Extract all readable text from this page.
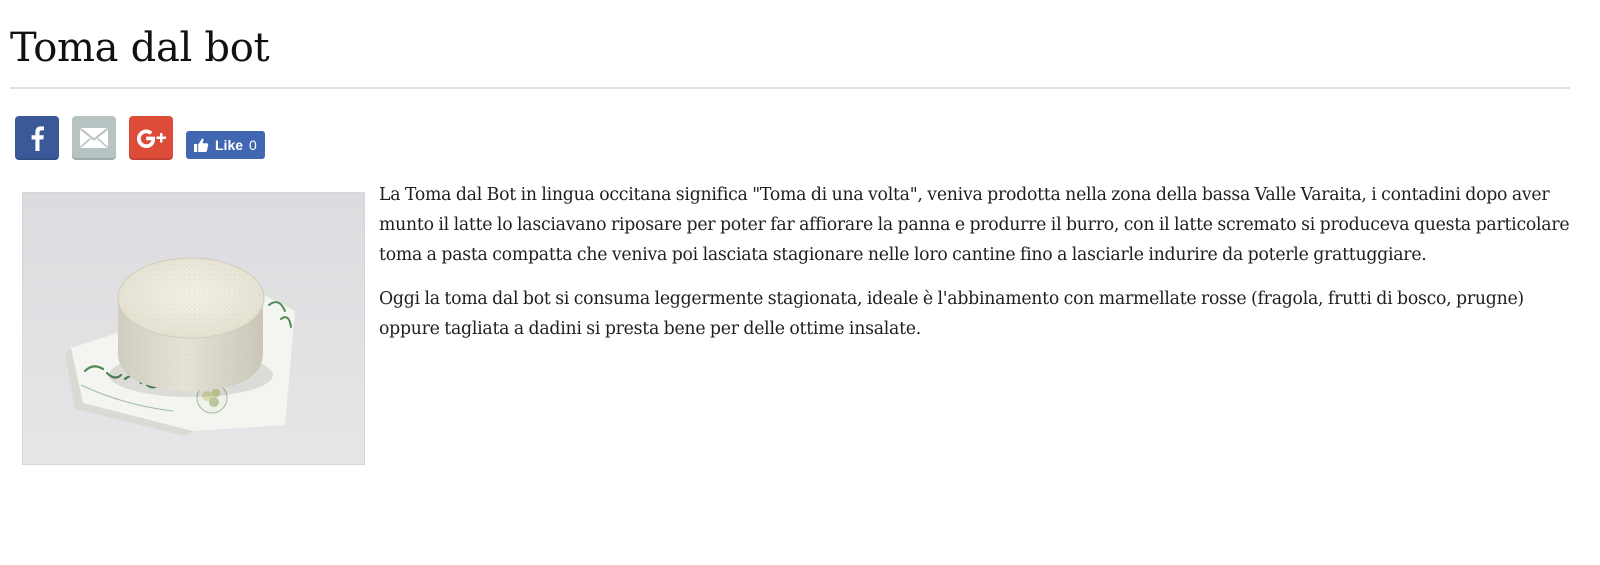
Toma dal bot
Like 0

La Toma dal Bot in lingua occitana significa "Toma di una volta", veniva prodotta nella zona della bassa Valle Varaita, i contadini dopo aver munto il latte lo lasciavano riposare per poter far affiorare la panna e produrre il burro, con il latte scremato si produceva questa particolare toma a pasta compatta che veniva poi lasciata stagionare nelle loro cantine fino a lasciarle indurire da poterle grattuggiare.

Oggi la toma dal bot si consuma leggermente stagionata, ideale è l'abbinamento con marmellate rosse (fragola, frutti di bosco, prugne) oppure tagliata a dadini si presta bene per delle ottime insalate.
